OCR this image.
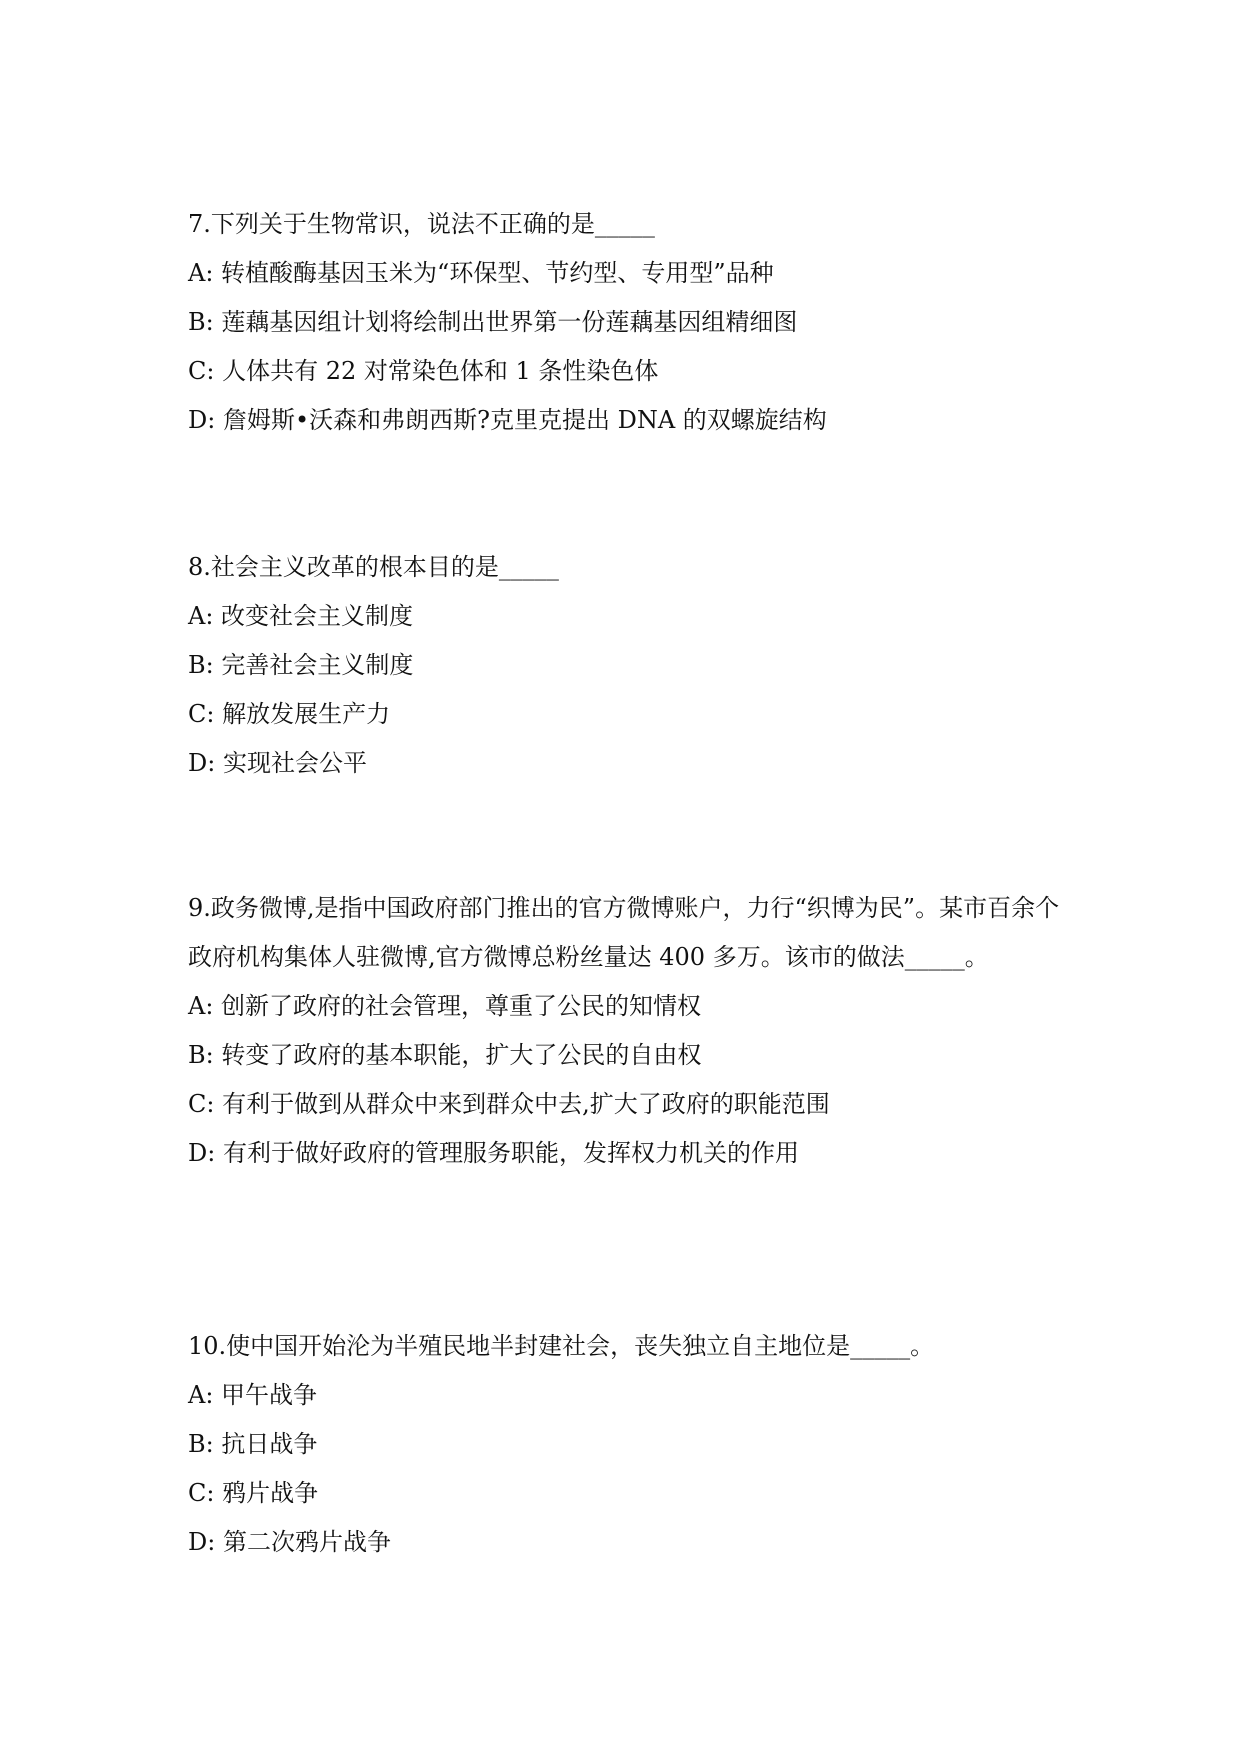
7.下列关于生物常识，说法不正确的是_____

A: 转植酸酶基因玉米为“环保型、节约型、专用型”品种
B: 莲藕基因组计划将绘制出世界第一份莲藕基因组精细图
C: 人体共有 22 对常染色体和 1 条性染色体
D: 詹姆斯•沃森和弗朗西斯?克里克提出 DNA 的双螺旋结构

8.社会主义改革的根本目的是_____

A: 改变社会主义制度
B: 完善社会主义制度
C: 解放发展生产力
D: 实现社会公平

9.政务微博,是指中国政府部门推出的官方微博账户，力行“织博为民”。某市百余个政府机构集体人驻微博,官方微博总粉丝量达 400 多万。该市的做法_____。

A: 创新了政府的社会管理，尊重了公民的知情权
B: 转变了政府的基本职能，扩大了公民的自由权
C: 有利于做到从群众中来到群众中去,扩大了政府的职能范围
D: 有利于做好政府的管理服务职能，发挥权力机关的作用

10.使中国开始沦为半殖民地半封建社会，丧失独立自主地位是_____。

A: 甲午战争
B: 抗日战争
C: 鸦片战争
D: 第二次鸦片战争
